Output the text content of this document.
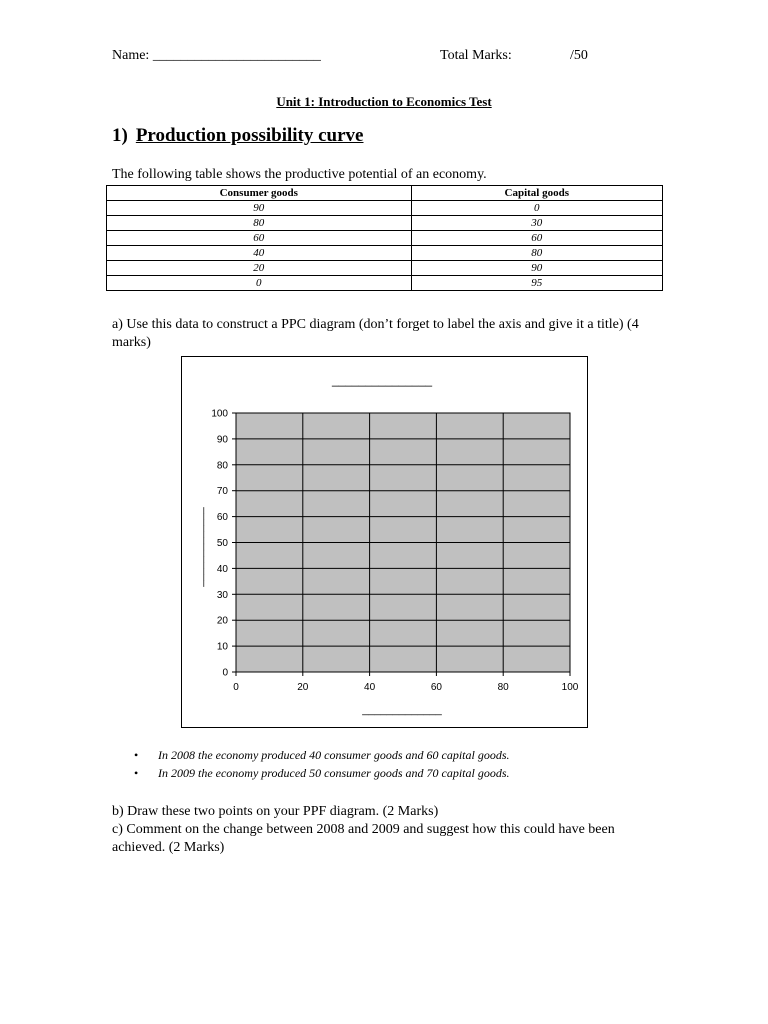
Name: ________________________	Total Marks:	/50
Unit 1: Introduction to Economics Test
1) Production possibility curve
The following table shows the productive potential of an economy.
Consumer goods	Capital goods
90	0
80	30
60	60
40	80
20	90
0	95
a) Use this data to construct a PPC diagram (don’t forget to label the axis and give it a title) (4 marks)
0	20	40	60	80	100
0
10
20
30
40
50
60
70
80
90
100
_______________
_____________
_____________
• In 2008 the economy produced 40 consumer goods and 60 capital goods.
• In 2009 the economy produced 50 consumer goods and 70 capital goods.
b) Draw these two points on your PPF diagram. (2 Marks)
c) Comment on the change between 2008 and 2009 and suggest how this could have been achieved. (2 Marks)
